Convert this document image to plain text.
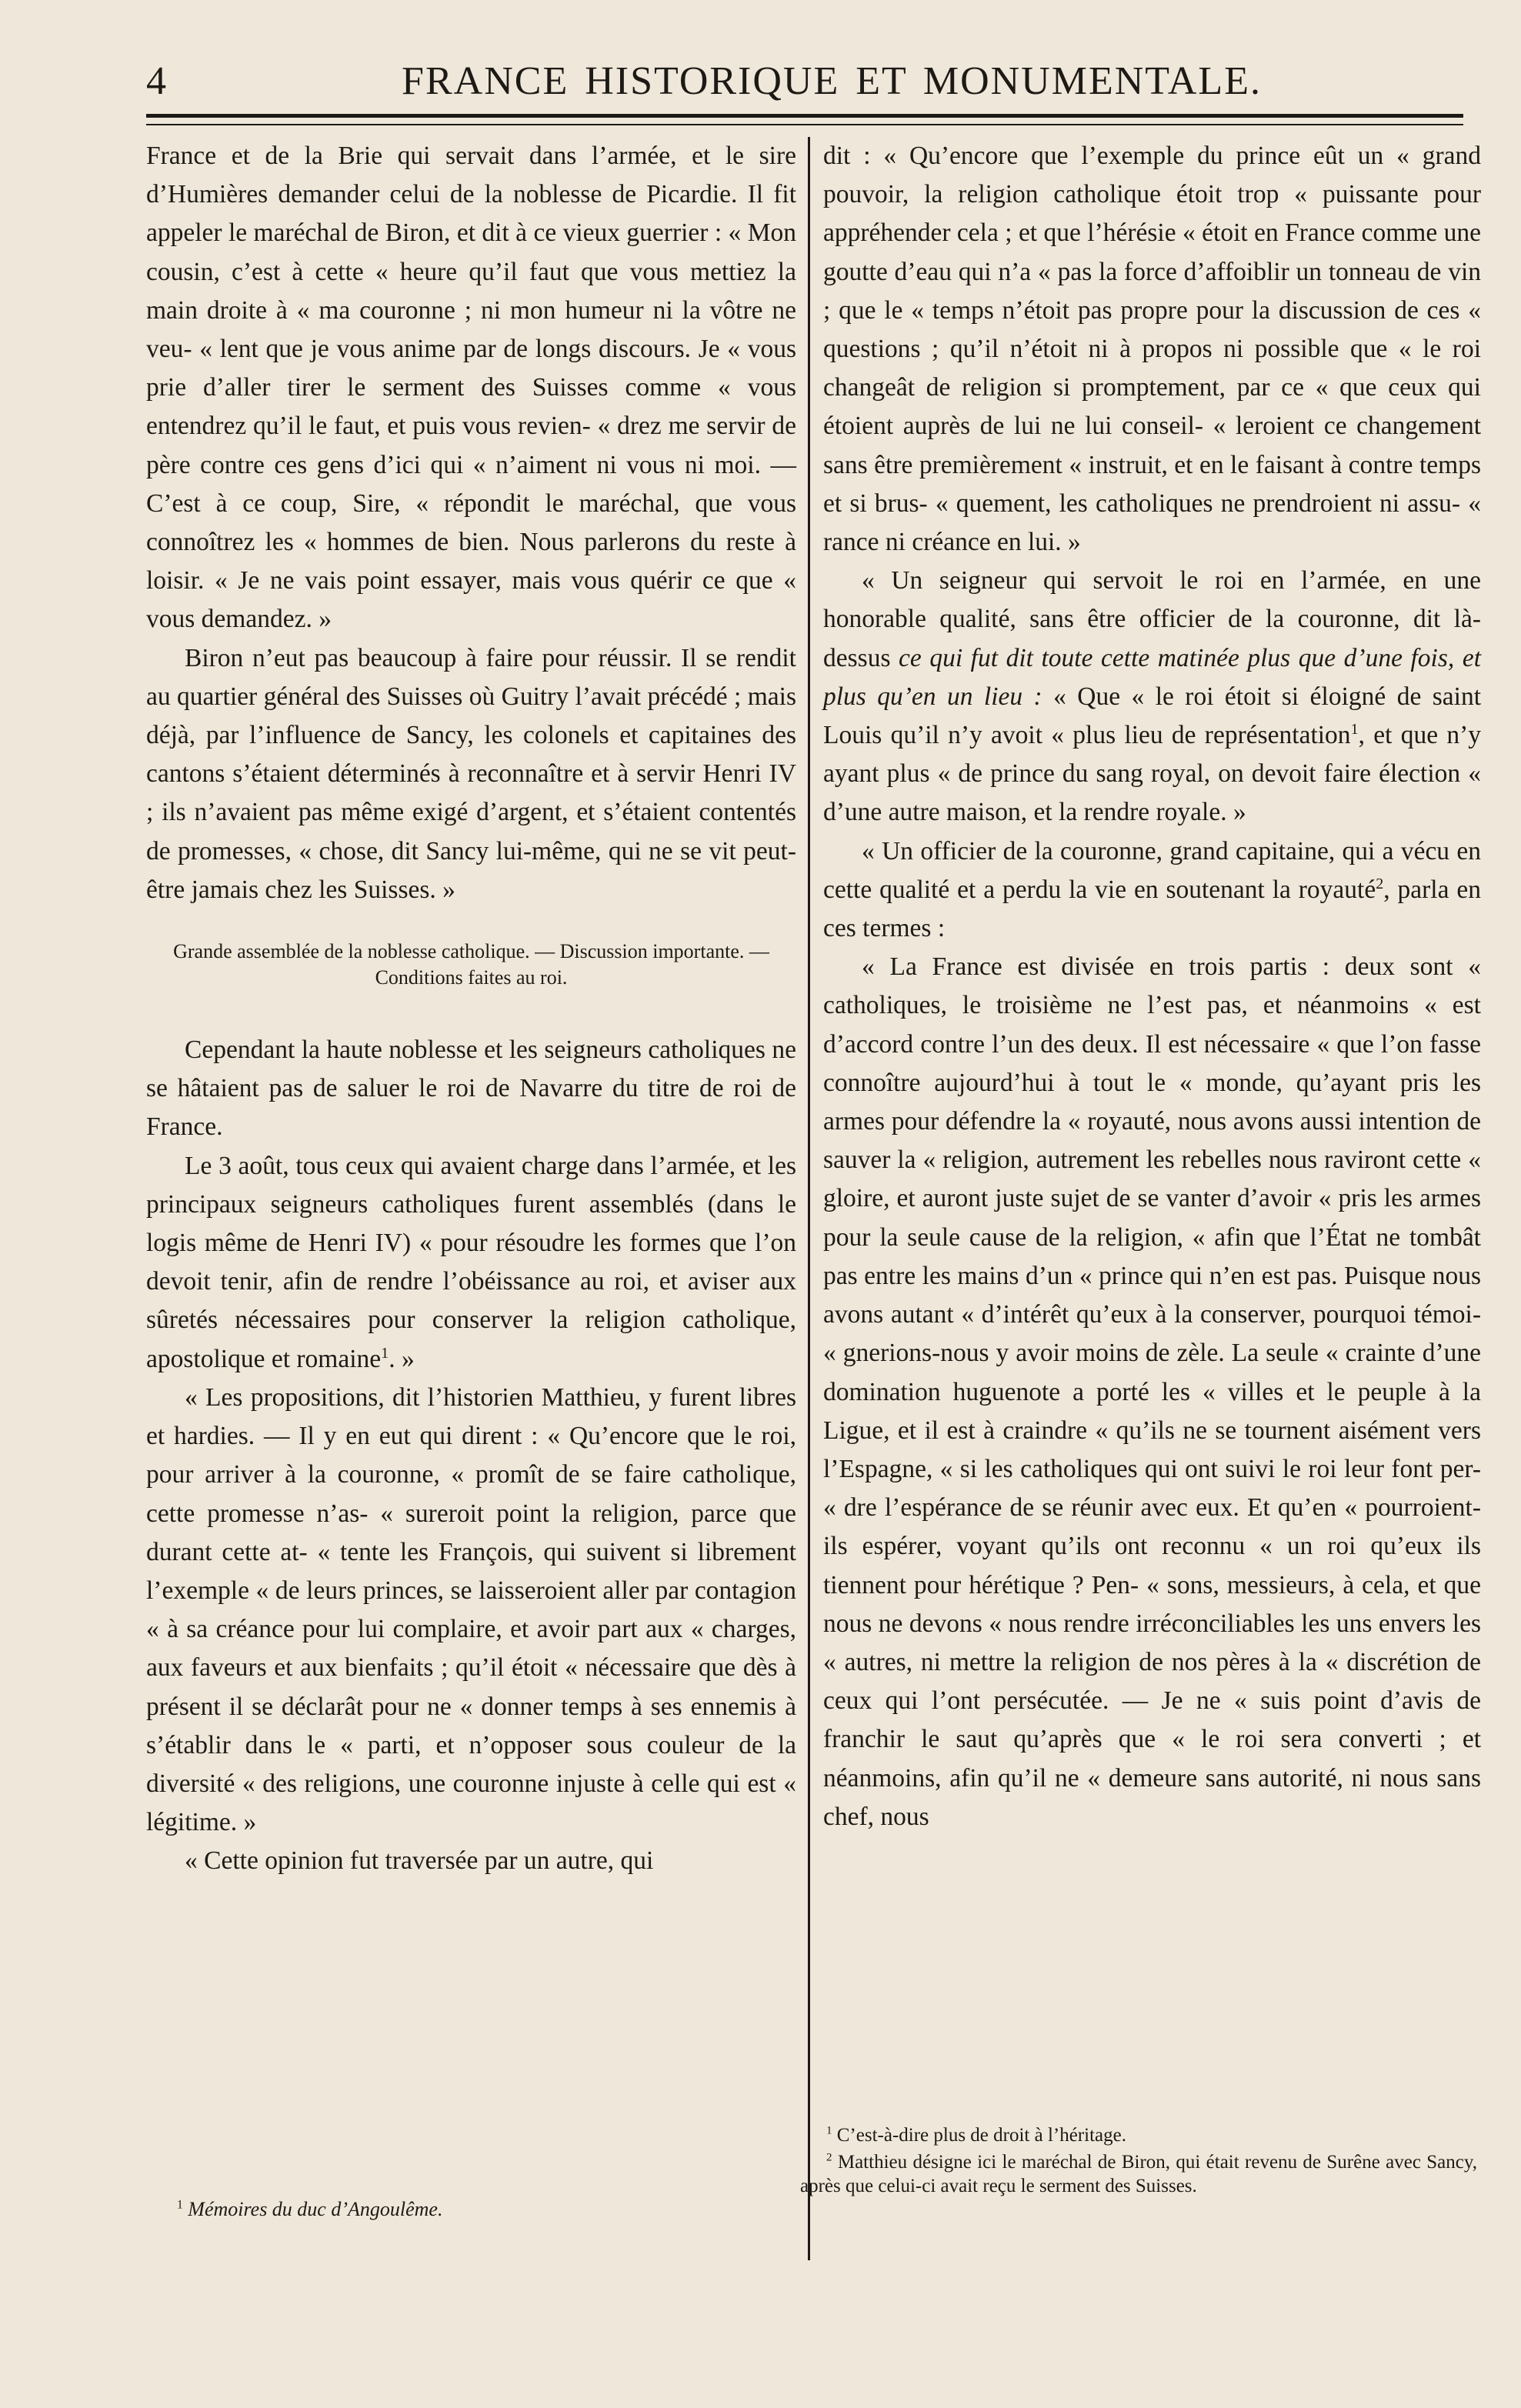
4	FRANCE HISTORIQUE ET MONUMENTALE.

France et de la Brie qui servait dans l’armée, et le sire d’Humières demander celui de la noblesse de Picardie. Il fit appeler le maréchal de Biron, et dit à ce vieux guerrier : « Mon cousin, c’est à cette « heure qu’il faut que vous mettiez la main droite à « ma couronne ; ni mon humeur ni la vôtre ne veu- « lent que je vous anime par de longs discours. Je « vous prie d’aller tirer le serment des Suisses comme « vous entendrez qu’il le faut, et puis vous revien- « drez me servir de père contre ces gens d’ici qui « n’aiment ni vous ni moi. — C’est à ce coup, Sire, « répondit le maréchal, que vous connoîtrez les « hommes de bien. Nous parlerons du reste à loisir. « Je ne vais point essayer, mais vous quérir ce que « vous demandez. »

Biron n’eut pas beaucoup à faire pour réussir. Il se rendit au quartier général des Suisses où Guitry l’avait précédé ; mais déjà, par l’influence de Sancy, les colonels et capitaines des cantons s’étaient déterminés à reconnaître et à servir Henri IV ; ils n’avaient pas même exigé d’argent, et s’étaient contentés de promesses, « chose, dit Sancy lui-même, qui ne se vit peut-être jamais chez les Suisses. »

Grande assemblée de la noblesse catholique. — Discussion importante. — Conditions faites au roi.

Cependant la haute noblesse et les seigneurs catholiques ne se hâtaient pas de saluer le roi de Navarre du titre de roi de France.

Le 3 août, tous ceux qui avaient charge dans l’armée, et les principaux seigneurs catholiques furent assemblés (dans le logis même de Henri IV) « pour résoudre les formes que l’on devoit tenir, afin de rendre l’obéissance au roi, et aviser aux sûretés nécessaires pour conserver la religion catholique, apostolique et romaine$^1$. »

« Les propositions, dit l’historien Matthieu, y furent libres et hardies. — Il y en eut qui dirent : « Qu’encore que le roi, pour arriver à la couronne, « promît de se faire catholique, cette promesse n’as- « sureroit point la religion, parce que durant cette at- « tente les François, qui suivent si librement l’exemple « de leurs princes, se laisseroient aller par contagion « à sa créance pour lui complaire, et avoir part aux « charges, aux faveurs et aux bienfaits ; qu’il étoit « nécessaire que dès à présent il se déclarât pour ne « donner temps à ses ennemis à s’établir dans le « parti, et n’opposer sous couleur de la diversité « des religions, une couronne injuste à celle qui est « légitime. »

« Cette opinion fut traversée par un autre, qui

$^1$ Mémoires du duc d’Angoulême.

dit : « Qu’encore que l’exemple du prince eût un « grand pouvoir, la religion catholique étoit trop « puissante pour appréhender cela ; et que l’hérésie « étoit en France comme une goutte d’eau qui n’a « pas la force d’affoiblir un tonneau de vin ; que le « temps n’étoit pas propre pour la discussion de ces « questions ; qu’il n’étoit ni à propos ni possible que « le roi changeât de religion si promptement, par ce « que ceux qui étoient auprès de lui ne lui conseil- « leroient ce changement sans être premièrement « instruit, et en le faisant à contre temps et si brus- « quement, les catholiques ne prendroient ni assu- « rance ni créance en lui. »

« Un seigneur qui servoit le roi en l’armée, en une honorable qualité, sans être officier de la couronne, dit là-dessus ce qui fut dit toute cette matinée plus que d’une fois, et plus qu’en un lieu : « Que « le roi étoit si éloigné de saint Louis qu’il n’y avoit « plus lieu de représentation$^1$, et que n’y ayant plus « de prince du sang royal, on devoit faire élection « d’une autre maison, et la rendre royale. »

« Un officier de la couronne, grand capitaine, qui a vécu en cette qualité et a perdu la vie en soutenant la royauté$^2$, parla en ces termes :

« La France est divisée en trois partis : deux sont « catholiques, le troisième ne l’est pas, et néanmoins « est d’accord contre l’un des deux. Il est nécessaire « que l’on fasse connoître aujourd’hui à tout le « monde, qu’ayant pris les armes pour défendre la « royauté, nous avons aussi intention de sauver la « religion, autrement les rebelles nous raviront cette « gloire, et auront juste sujet de se vanter d’avoir « pris les armes pour la seule cause de la religion, « afin que l’État ne tombât pas entre les mains d’un « prince qui n’en est pas. Puisque nous avons autant « d’intérêt qu’eux à la conserver, pourquoi témoi- « gnerions-nous y avoir moins de zèle. La seule « crainte d’une domination huguenote a porté les « villes et le peuple à la Ligue, et il est à craindre « qu’ils ne se tournent aisément vers l’Espagne, « si les catholiques qui ont suivi le roi leur font per- « dre l’espérance de se réunir avec eux. Et qu’en « pourroient-ils espérer, voyant qu’ils ont reconnu « un roi qu’eux ils tiennent pour hérétique ? Pen- « sons, messieurs, à cela, et que nous ne devons « nous rendre irréconciliables les uns envers les « autres, ni mettre la religion de nos pères à la « discrétion de ceux qui l’ont persécutée. — Je ne « suis point d’avis de franchir le saut qu’après que « le roi sera converti ; et néanmoins, afin qu’il ne « demeure sans autorité, ni nous sans chef, nous

$^1$ C’est-à-dire plus de droit à l’héritage.

$^2$ Matthieu désigne ici le maréchal de Biron, qui était revenu de Surêne avec Sancy, après que celui-ci avait reçu le serment des Suisses.
